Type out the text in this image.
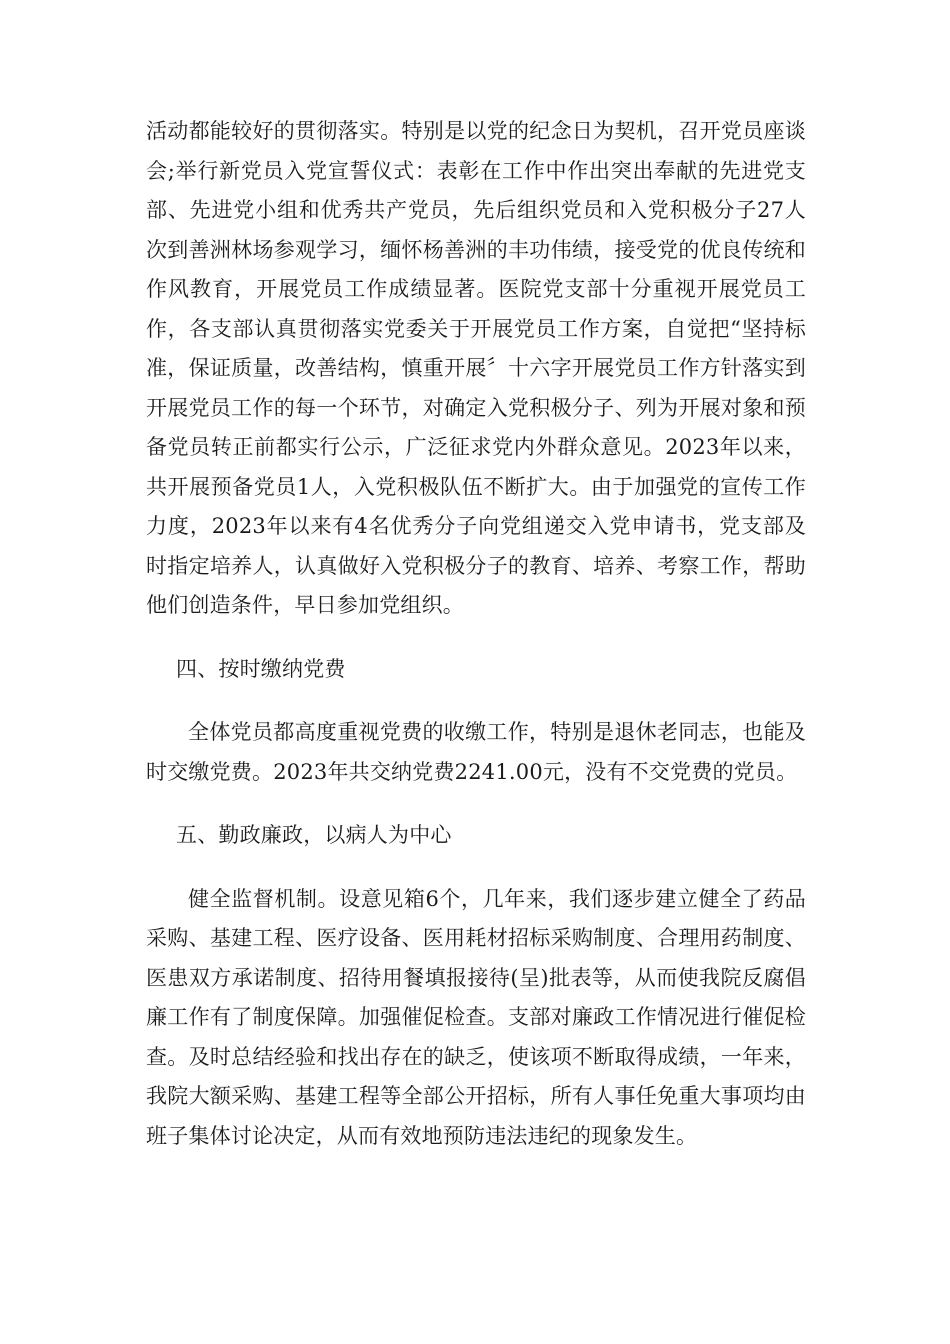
活动都能较好的贯彻落实。特别是以党的纪念日为契机，召开党员座谈会;举行新党员入党宣誓仪式：表彰在工作中作出突出奉献的先进党支部、先进党小组和优秀共产党员，先后组织党员和入党积极分子27人次到善洲林场参观学习，缅怀杨善洲的丰功伟绩，接受党的优良传统和作风教育，开展党员工作成绩显著。医院党支部十分重视开展党员工作，各支部认真贯彻落实党委关于开展党员工作方案，自觉把“坚持标准，保证质量，改善结构，慎重开展〞十六字开展党员工作方针落实到开展党员工作的每一个环节，对确定入党积极分子、列为开展对象和预备党员转正前都实行公示，广泛征求党内外群众意见。2023年以来，共开展预备党员1人，入党积极队伍不断扩大。由于加强党的宣传工作力度，2023年以来有4名优秀分子向党组递交入党申请书，党支部及时指定培养人，认真做好入党积极分子的教育、培养、考察工作，帮助他们创造条件，早日参加党组织。

四、按时缴纳党费

全体党员都高度重视党费的收缴工作，特别是退休老同志，也能及时交缴党费。2023年共交纳党费2241.00元，没有不交党费的党员。

五、勤政廉政，以病人为中心

健全监督机制。设意见箱6个，几年来，我们逐步建立健全了药品采购、基建工程、医疗设备、医用耗材招标采购制度、合理用药制度、医患双方承诺制度、招待用餐填报接待(呈)批表等，从而使我院反腐倡廉工作有了制度保障。加强催促检查。支部对廉政工作情况进行催促检查。及时总结经验和找出存在的缺乏，使该项不断取得成绩，一年来，我院大额采购、基建工程等全部公开招标，所有人事任免重大事项均由班子集体讨论决定，从而有效地预防违法违纪的现象发生。
